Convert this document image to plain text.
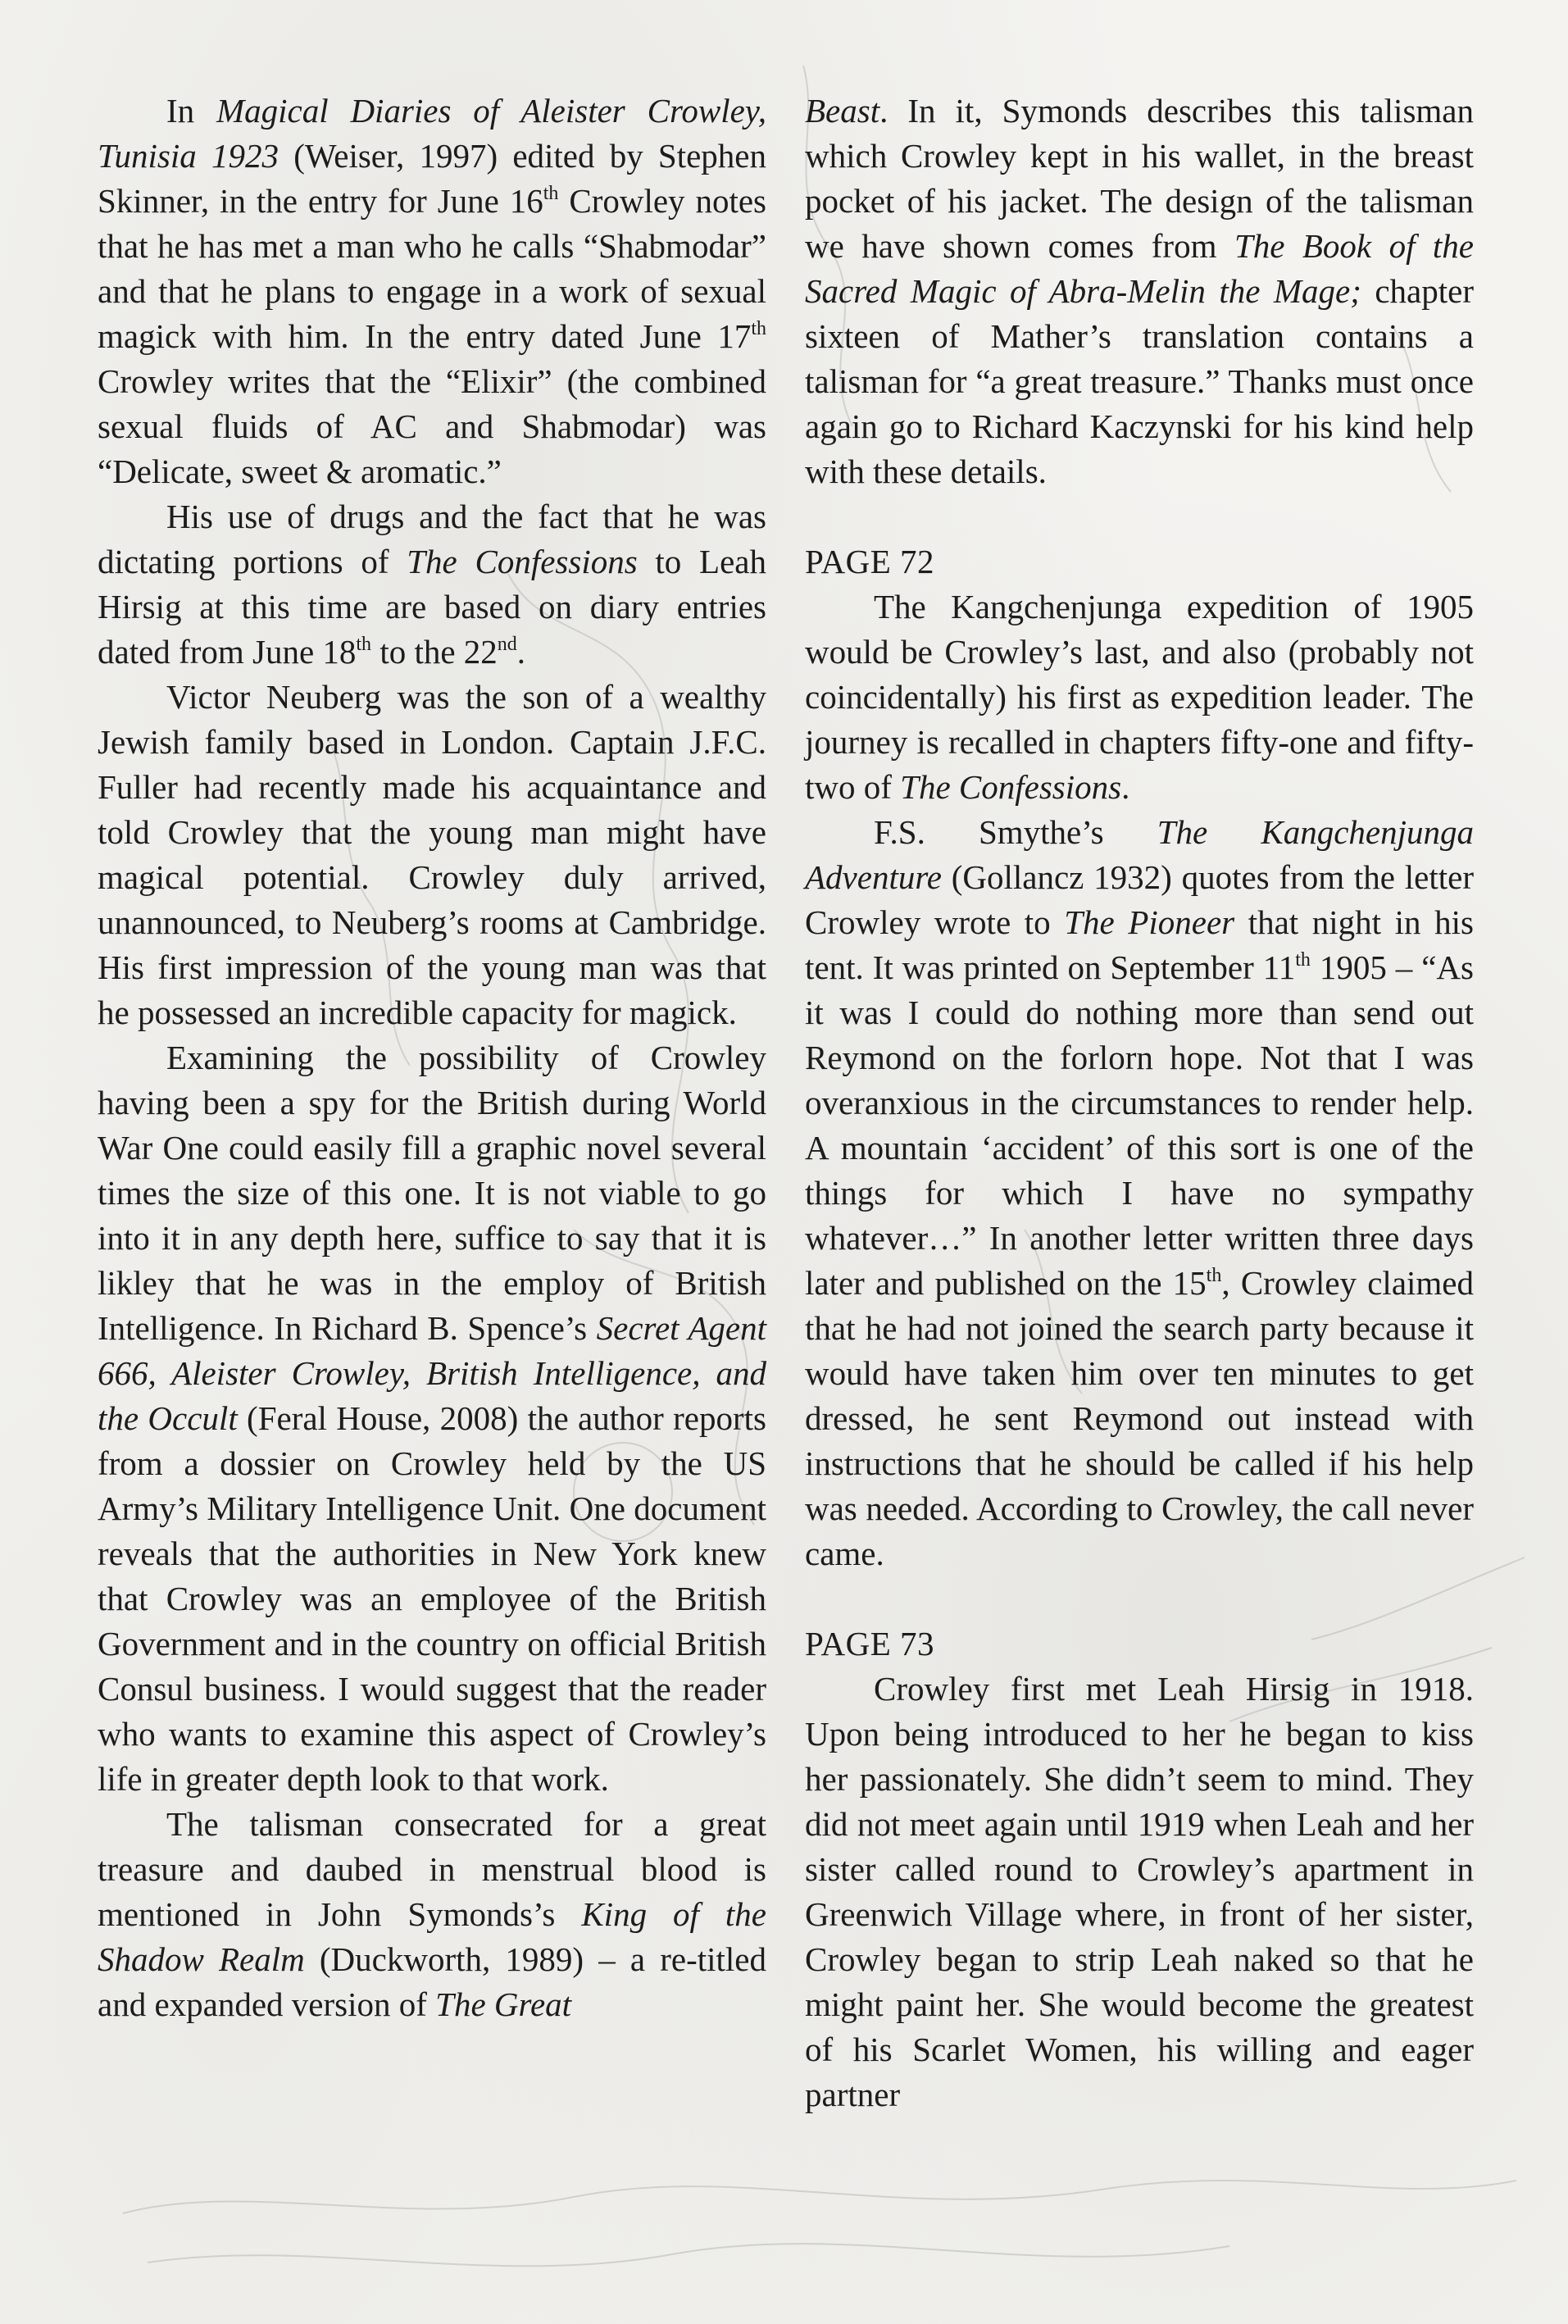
In Magical Diaries of Aleister Crowley, Tunisia 1923 (Weiser, 1997) edited by Stephen Skinner, in the entry for June 16th Crowley notes that he has met a man who he calls “Shabmodar” and that he plans to engage in a work of sexual magick with him. In the entry dated June 17th Crowley writes that the “Elixir” (the combined sexual fluids of AC and Shabmodar) was “Delicate, sweet & aromatic.”

His use of drugs and the fact that he was dictating portions of The Confessions to Leah Hirsig at this time are based on diary entries dated from June 18th to the 22nd.

Victor Neuberg was the son of a wealthy Jewish family based in London. Captain J.F.C. Fuller had recently made his acquaintance and told Crowley that the young man might have magical potential. Crowley duly arrived, unannounced, to Neuberg’s rooms at Cambridge. His first impression of the young man was that he possessed an incredible capacity for magick.

Examining the possibility of Crowley having been a spy for the British during World War One could easily fill a graphic novel several times the size of this one. It is not viable to go into it in any depth here, suffice to say that it is likley that he was in the employ of British Intelligence. In Richard B. Spence’s Secret Agent 666, Aleister Crowley, British Intelligence, and the Occult (Feral House, 2008) the author reports from a dossier on Crowley held by the US Army’s Military Intelligence Unit. One document reveals that the authorities in New York knew that Crowley was an employee of the British Government and in the country on official British Consul business. I would suggest that the reader who wants to examine this aspect of Crowley’s life in greater depth look to that work.

The talisman consecrated for a great treasure and daubed in menstrual blood is mentioned in John Symonds’s King of the Shadow Realm (Duckworth, 1989) – a re-titled and expanded version of The Great

Beast. In it, Symonds describes this talisman which Crowley kept in his wallet, in the breast pocket of his jacket. The design of the talisman we have shown comes from The Book of the Sacred Magic of Abra-Melin the Mage; chapter sixteen of Mather’s translation contains a talisman for “a great treasure.” Thanks must once again go to Richard Kaczynski for his kind help with these details.

PAGE 72

The Kangchenjunga expedition of 1905 would be Crowley’s last, and also (probably not coincidentally) his first as expedition leader. The journey is recalled in chapters fifty-one and fifty-two of The Confessions.

F.S. Smythe’s The Kangchenjunga Adventure (Gollancz 1932) quotes from the letter Crowley wrote to The Pioneer that night in his tent. It was printed on September 11th 1905 – “As it was I could do nothing more than send out Reymond on the forlorn hope. Not that I was overanxious in the circumstances to render help. A mountain ‘accident’ of this sort is one of the things for which I have no sympathy whatever…” In another letter written three days later and published on the 15th, Crowley claimed that he had not joined the search party because it would have taken him over ten minutes to get dressed, he sent Reymond out instead with instructions that he should be called if his help was needed. According to Crowley, the call never came.

PAGE 73

Crowley first met Leah Hirsig in 1918. Upon being introduced to her he began to kiss her passionately. She didn’t seem to mind. They did not meet again until 1919 when Leah and her sister called round to Crowley’s apartment in Greenwich Village where, in front of her sister, Crowley began to strip Leah naked so that he might paint her. She would become the greatest of his Scarlet Women, his willing and eager partner
